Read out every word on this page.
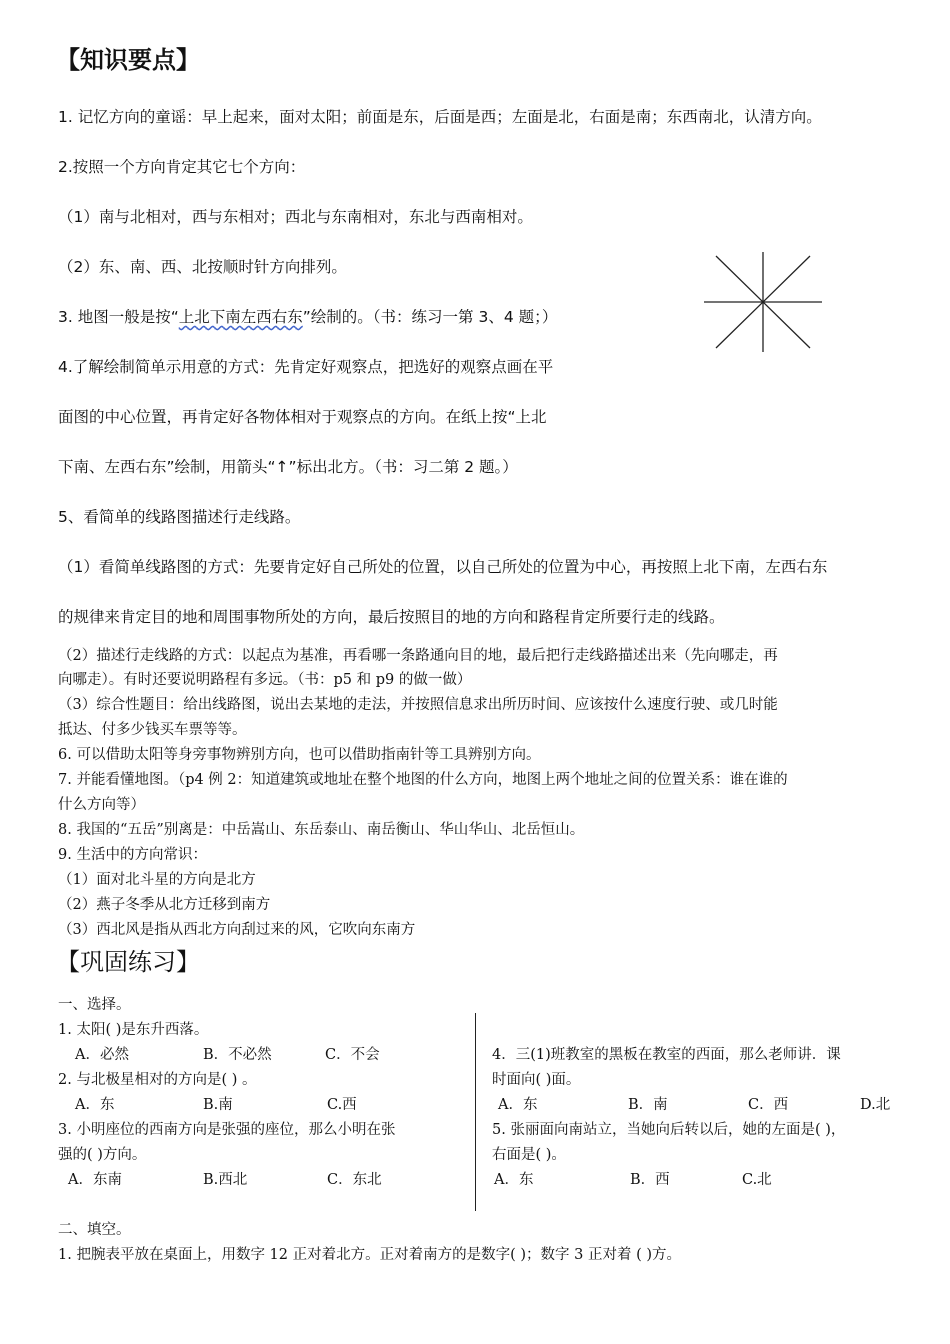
【知识要点】
1. 记忆方向的童谣：早上起来，面对太阳；前面是东，后面是西；左面是北，右面是南；东西南北，认清方向。
2.按照一个方向肯定其它七个方向：
（1）南与北相对，西与东相对；西北与东南相对，东北与西南相对。
（2）东、南、西、北按顺时针方向排列。
3. 地图一般是按“上北下南左西右东”绘制的。（书：练习一第 3、4 题；）
4.了解绘制简单示用意的方式：先肯定好观察点，把选好的观察点画在平
面图的中心位置，再肯定好各物体相对于观察点的方向。在纸上按“上北
下南、左西右东”绘制，用箭头“↑”标出北方。（书：习二第 2 题。）
5、看简单的线路图描述行走线路。
（1）看简单线路图的方式：先要肯定好自己所处的位置，以自己所处的位置为中心，再按照上北下南，左西右东
的规律来肯定目的地和周围事物所处的方向，最后按照目的地的方向和路程肯定所要行走的线路。
（2）描述行走线路的方式：以起点为基准，再看哪一条路通向目的地，最后把行走线路描述出来（先向哪走，再
向哪走）。有时还要说明路程有多远。（书：p5 和 p9 的做一做）
（3）综合性题目：给出线路图，说出去某地的走法，并按照信息求出所历时间、应该按什么速度行驶、或几时能
抵达、付多少钱买车票等等。
6. 可以借助太阳等身旁事物辨别方向，也可以借助指南针等工具辨别方向。
7. 并能看懂地图。（p4 例 2：知道建筑或地址在整个地图的什么方向，地图上两个地址之间的位置关系：谁在谁的
什么方向等）
8. 我国的“五岳”别离是：中岳嵩山、东岳泰山、南岳衡山、华山华山、北岳恒山。
9. 生活中的方向常识：
（1）面对北斗星的方向是北方
（2）燕子冬季从北方迁移到南方
（3）西北风是指从西北方向刮过来的风，它吹向东南方
【巩固练习】
一、选择。
1. 太阳( )是东升西落。
A．必然	B．不必然	C．不会
2. 与北极星相对的方向是( ) 。
A．东	B.南	C.西
3. 小明座位的西南方向是张强的座位，那么小明在张
强的( )方向。
A．东南	B.西北	C．东北
4．三(1)班教室的黑板在教室的西面，那么老师讲．课
时面向( )面。
A．东	B．南	C．西	D.北
5. 张丽面向南站立，当她向后转以后，她的左面是( )，
右面是( )。
A．东	B．西	C.北
二、填空。
1. 把腕表平放在桌面上，用数字 12 正对着北方。正对着南方的是数字( )；数字 3 正对着 ( )方。
